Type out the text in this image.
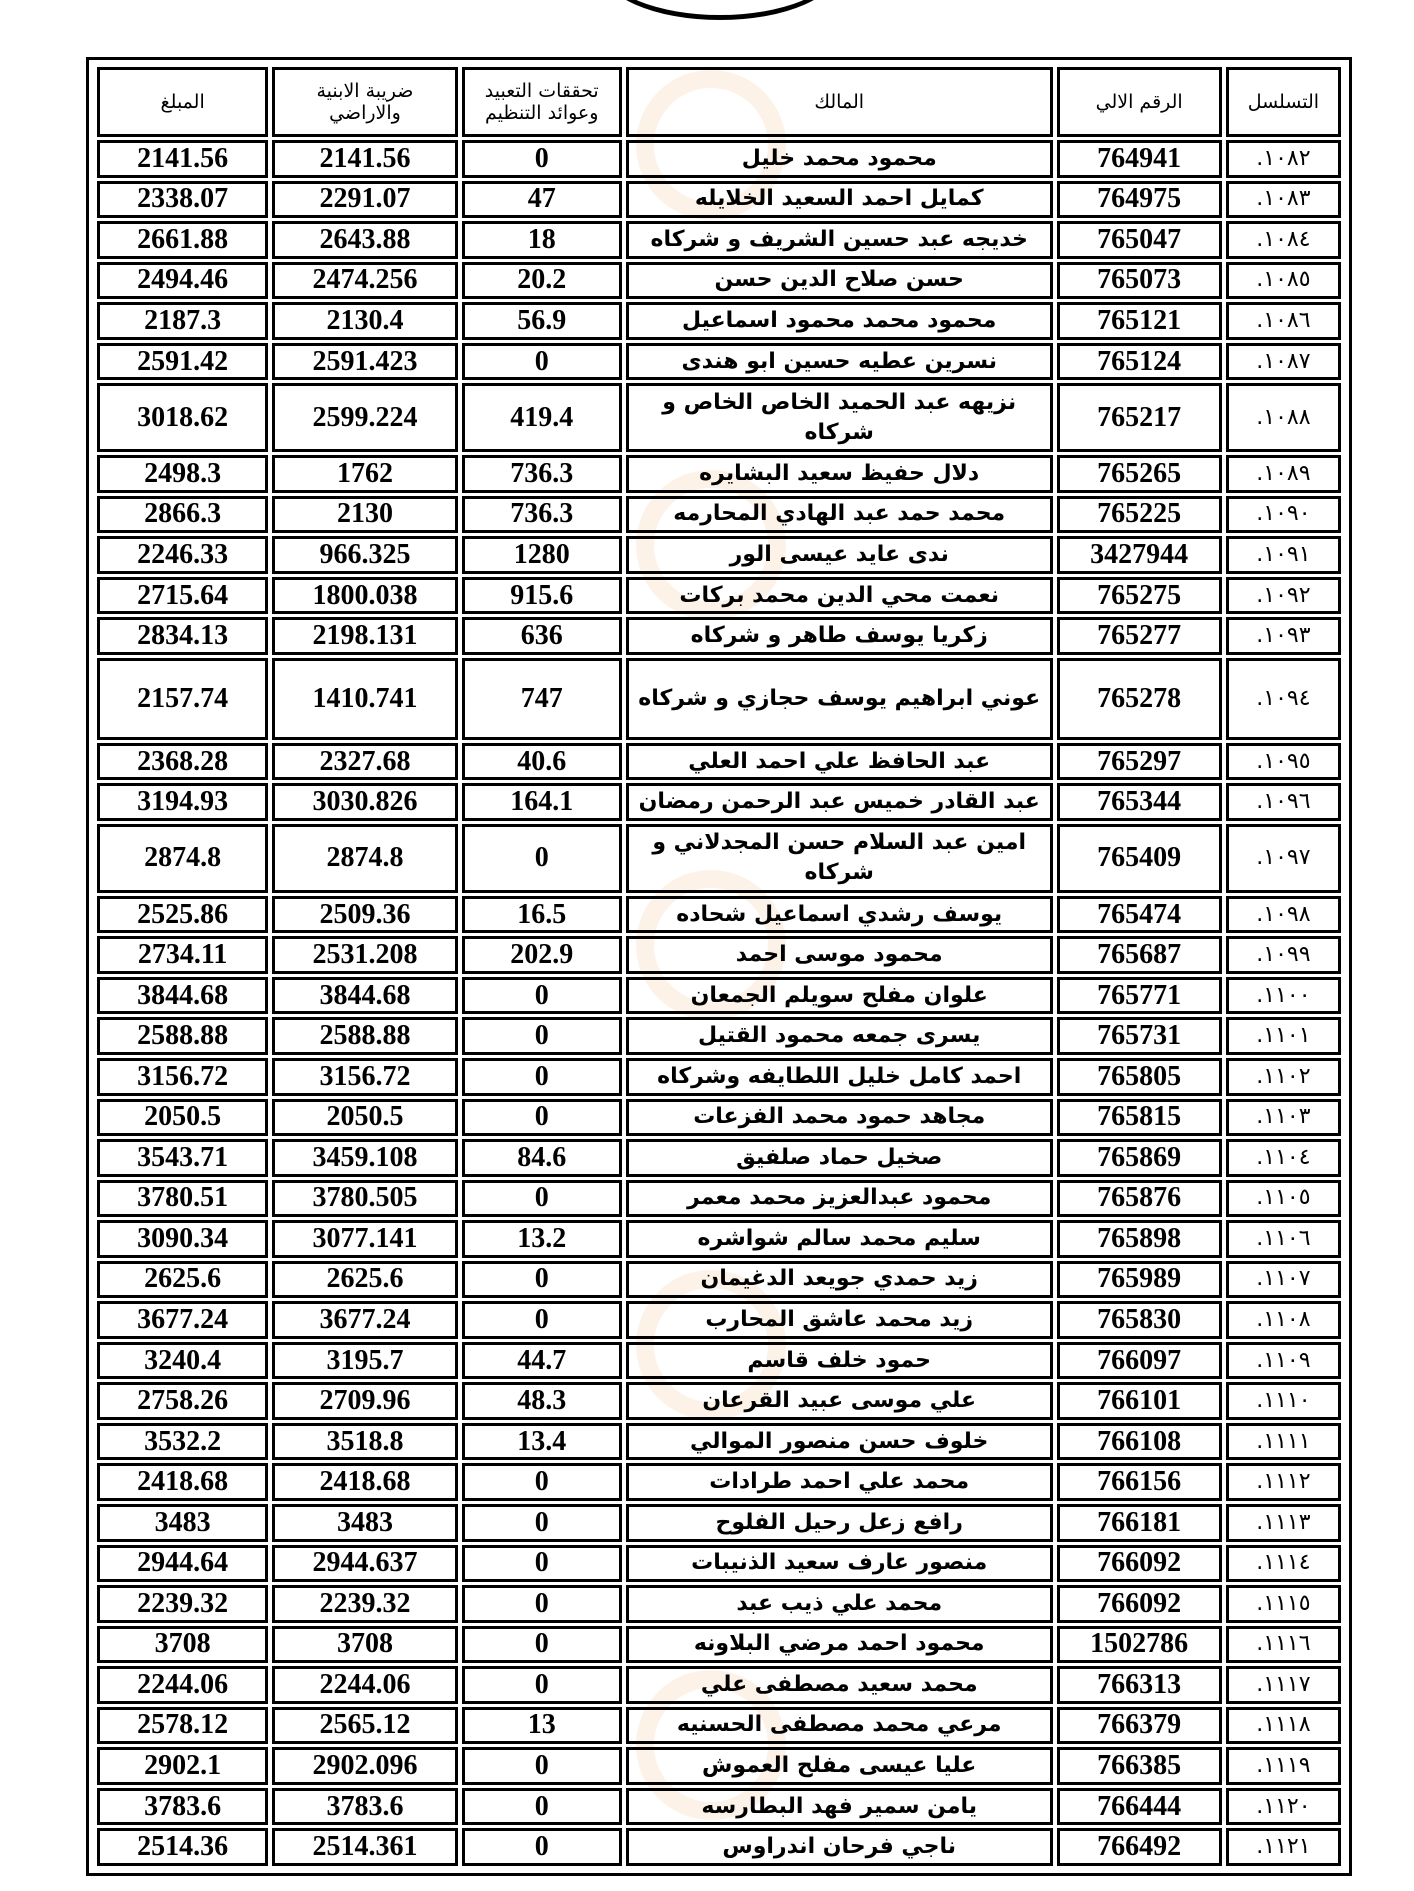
التسلسل	الرقم الالي	المالك	تحققات التعبيد وعوائد التنظيم	ضريبة الابنية والاراضي	المبلغ
١٠٨٢.	764941	محمود محمد خليل	0	2141.56	2141.56
١٠٨٣.	764975	كمايل احمد السعيد الخلايله	47	2291.07	2338.07
١٠٨٤.	765047	خديجه عبد حسين الشريف و شركاه	18	2643.88	2661.88
١٠٨٥.	765073	حسن صلاح الدين حسن	20.2	2474.256	2494.46
١٠٨٦.	765121	محمود محمد محمود اسماعيل	56.9	2130.4	2187.3
١٠٨٧.	765124	نسرين عطيه حسين ابو هندى	0	2591.423	2591.42
١٠٨٨.	765217	نزيهه عبد الحميد الخاص الخاص و شركاه	419.4	2599.224	3018.62
١٠٨٩.	765265	دلال حفيظ سعيد البشايره	736.3	1762	2498.3
١٠٩٠.	765225	محمد حمد عبد الهادي المحارمه	736.3	2130	2866.3
١٠٩١.	3427944	ندى عايد عيسى الور	1280	966.325	2246.33
١٠٩٢.	765275	نعمت محي الدين محمد بركات	915.6	1800.038	2715.64
١٠٩٣.	765277	زكريا يوسف طاهر و شركاه	636	2198.131	2834.13
١٠٩٤.	765278	عوني ابراهيم يوسف حجازي و شركاه	747	1410.741	2157.74
١٠٩٥.	765297	عبد الحافظ علي احمد العلي	40.6	2327.68	2368.28
١٠٩٦.	765344	عبد القادر خميس عبد الرحمن رمضان	164.1	3030.826	3194.93
١٠٩٧.	765409	امين عبد السلام حسن المجدلاني و شركاه	0	2874.8	2874.8
١٠٩٨.	765474	يوسف رشدي اسماعيل شحاده	16.5	2509.36	2525.86
١٠٩٩.	765687	محمود موسى احمد	202.9	2531.208	2734.11
١١٠٠.	765771	علوان مفلح سويلم الجمعان	0	3844.68	3844.68
١١٠١.	765731	يسرى جمعه محمود القتيل	0	2588.88	2588.88
١١٠٢.	765805	احمد كامل خليل اللطايفه وشركاه	0	3156.72	3156.72
١١٠٣.	765815	مجاهد حمود محمد الفزعات	0	2050.5	2050.5
١١٠٤.	765869	صخيل حماد صلفيق	84.6	3459.108	3543.71
١١٠٥.	765876	محمود عبدالعزيز محمد معمر	0	3780.505	3780.51
١١٠٦.	765898	سليم محمد سالم شواشره	13.2	3077.141	3090.34
١١٠٧.	765989	زيد حمدي جويعد الدغيمان	0	2625.6	2625.6
١١٠٨.	765830	زيد محمد عاشق المحارب	0	3677.24	3677.24
١١٠٩.	766097	حمود خلف قاسم	44.7	3195.7	3240.4
١١١٠.	766101	علي موسى عبيد القرعان	48.3	2709.96	2758.26
١١١١.	766108	خلوف حسن منصور الموالي	13.4	3518.8	3532.2
١١١٢.	766156	محمد علي احمد طرادات	0	2418.68	2418.68
١١١٣.	766181	رافع زعل رحيل الفلوح	0	3483	3483
١١١٤.	766092	منصور عارف سعيد الذنيبات	0	2944.637	2944.64
١١١٥.	766092	محمد علي ذيب عبد	0	2239.32	2239.32
١١١٦.	1502786	محمود احمد مرضي البلاونه	0	3708	3708
١١١٧.	766313	محمد سعيد مصطفى علي	0	2244.06	2244.06
١١١٨.	766379	مرعي محمد مصطفى الحسنيه	13	2565.12	2578.12
١١١٩.	766385	عليا عيسى مفلح العموش	0	2902.096	2902.1
١١٢٠.	766444	يامن سمير فهد البطارسه	0	3783.6	3783.6
١١٢١.	766492	ناجي فرحان اندراوس	0	2514.361	2514.36
